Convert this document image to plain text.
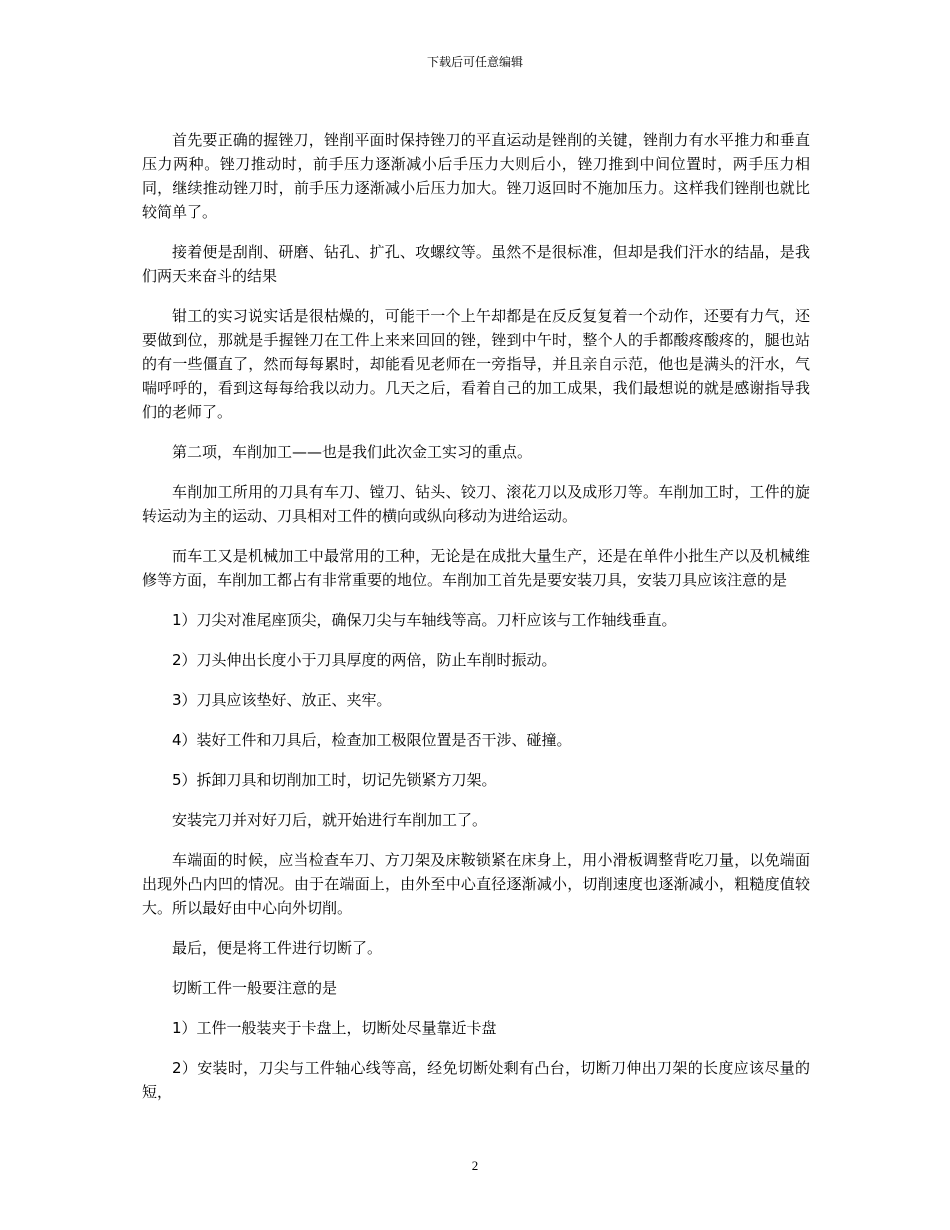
下载后可任意编辑

首先要正确的握锉刀，锉削平面时保持锉刀的平直运动是锉削的关键，锉削力有水平推力和垂直压力两种。锉刀推动时，前手压力逐渐减小后手压力大则后小，锉刀推到中间位置时，两手压力相同，继续推动锉刀时，前手压力逐渐减小后压力加大。锉刀返回时不施加压力。这样我们锉削也就比较简单了。

接着便是刮削、研磨、钻孔、扩孔、攻螺纹等。虽然不是很标准，但却是我们汗水的结晶，是我们两天来奋斗的结果

钳工的实习说实话是很枯燥的，可能干一个上午却都是在反反复复着一个动作，还要有力气，还要做到位，那就是手握锉刀在工件上来来回回的锉，锉到中午时，整个人的手都酸疼酸疼的，腿也站的有一些僵直了，然而每每累时，却能看见老师在一旁指导，并且亲自示范，他也是满头的汗水，气喘呼呼的，看到这每每给我以动力。几天之后，看着自己的加工成果，我们最想说的就是感谢指导我们的老师了。

第二项，车削加工——也是我们此次金工实习的重点。

车削加工所用的刀具有车刀、镗刀、钻头、铰刀、滚花刀以及成形刀等。车削加工时，工件的旋转运动为主的运动、刀具相对工件的横向或纵向移动为进给运动。

而车工又是机械加工中最常用的工种，无论是在成批大量生产，还是在单件小批生产以及机械维修等方面，车削加工都占有非常重要的地位。车削加工首先是要安装刀具，安装刀具应该注意的是

1）刀尖对准尾座顶尖，确保刀尖与车轴线等高。刀杆应该与工作轴线垂直。

2）刀头伸出长度小于刀具厚度的两倍，防止车削时振动。

3）刀具应该垫好、放正、夹牢。

4）装好工件和刀具后，检查加工极限位置是否干涉、碰撞。

5）拆卸刀具和切削加工时，切记先锁紧方刀架。

安装完刀并对好刀后，就开始进行车削加工了。

车端面的时候，应当检查车刀、方刀架及床鞍锁紧在床身上，用小滑板调整背吃刀量，以免端面出现外凸内凹的情况。由于在端面上，由外至中心直径逐渐减小，切削速度也逐渐减小，粗糙度值较大。所以最好由中心向外切削。

最后，便是将工件进行切断了。

切断工件一般要注意的是

1）工件一般装夹于卡盘上，切断处尽量靠近卡盘

2）安装时，刀尖与工件轴心线等高，经免切断处剩有凸台，切断刀伸出刀架的长度应该尽量的短，

2
